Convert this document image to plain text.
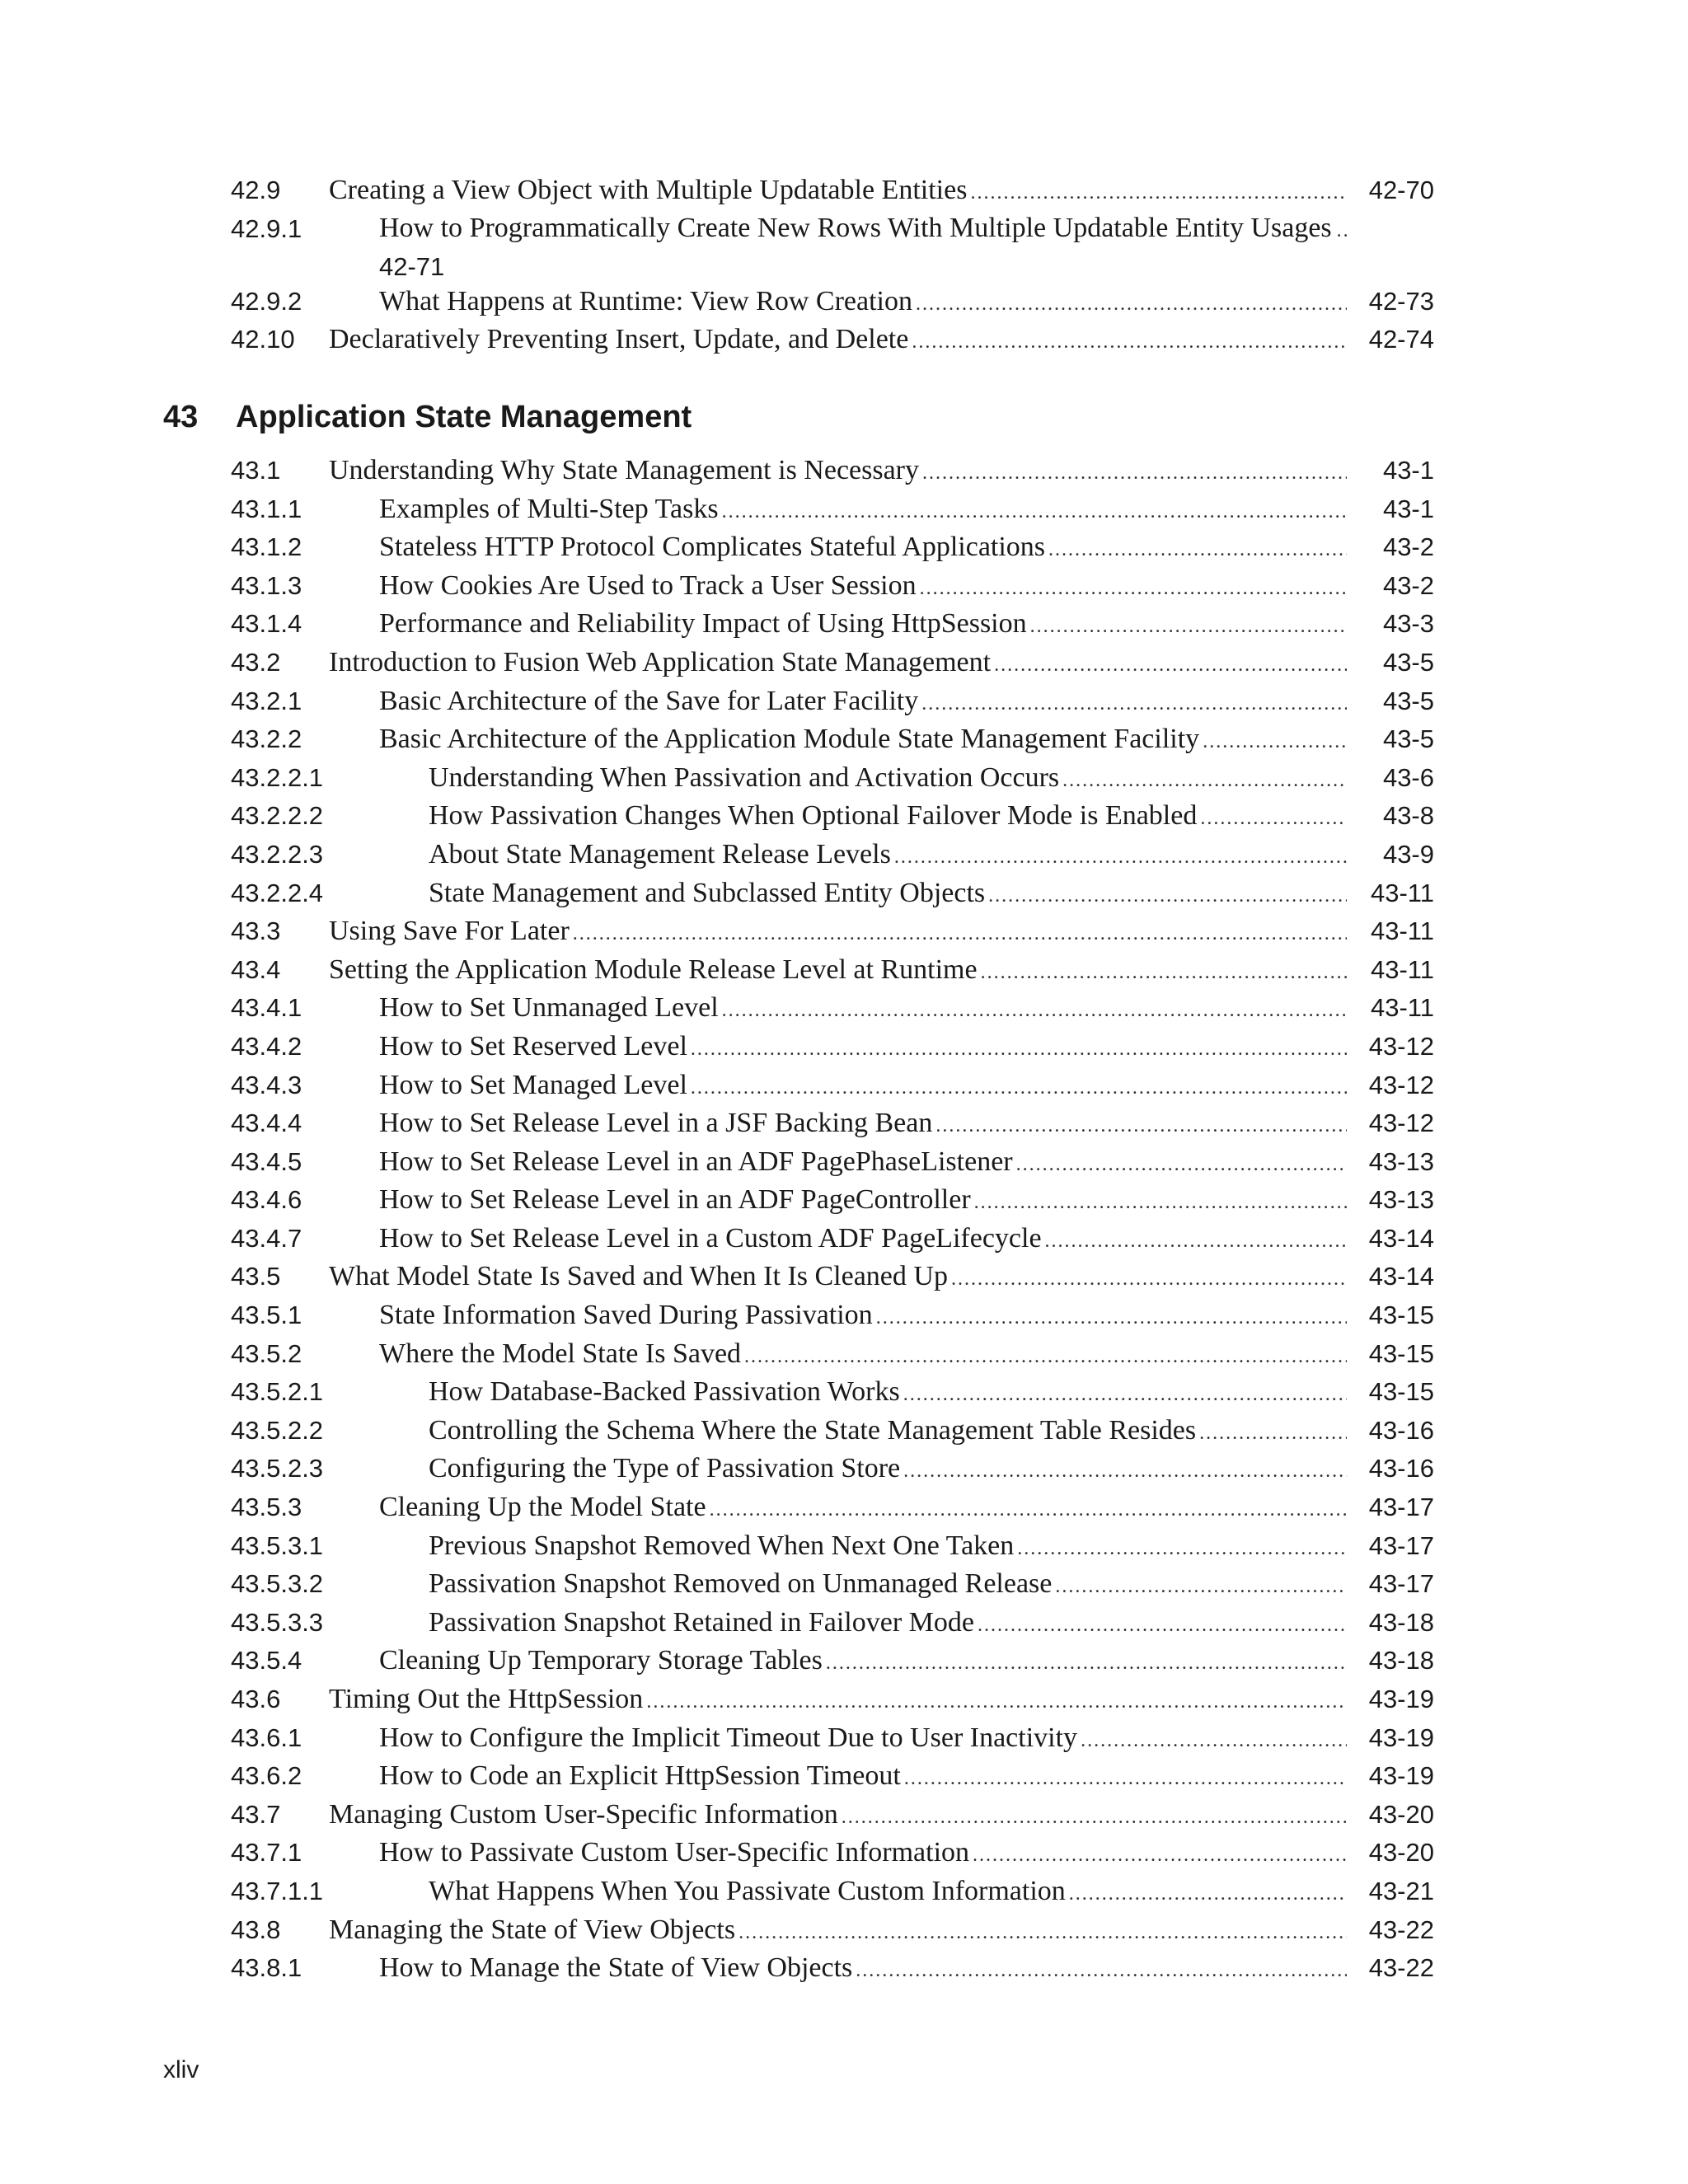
42.9 Creating a View Object with Multiple Updatable Entities .....	42-70
42.9.1	How to Programmatically Create New Rows With Multiple Updatable Entity Usages
..
42-71
42.9.2	What Happens at Runtime: View Row Creation .....	42-73
42.10 Declaratively Preventing Insert, Update, and Delete .....	42-74
43 Application State Management
43.1 Understanding Why State Management is Necessary .....	43-1
43.1.1	Examples of Multi-Step Tasks .....	43-1
43.1.2	Stateless HTTP Protocol Complicates Stateful Applications .....	43-2
43.1.3	How Cookies Are Used to Track a User Session .....	43-2
43.1.4	Performance and Reliability Impact of Using HttpSession .....	43-3
43.2 Introduction to Fusion Web Application State Management .....	43-5
43.2.1	Basic Architecture of the Save for Later Facility .....	43-5
43.2.2	Basic Architecture of the Application Module State Management Facility .....	43-5
43.2.2.1	Understanding When Passivation and Activation Occurs .....	43-6
43.2.2.2	How Passivation Changes When Optional Failover Mode is Enabled .....	43-8
43.2.2.3	About State Management Release Levels .....	43-9
43.2.2.4	State Management and Subclassed Entity Objects .....	43-11
43.3 Using Save For Later .....	43-11
43.4 Setting the Application Module Release Level at Runtime .....	43-11
43.4.1	How to Set Unmanaged Level .....	43-11
43.4.2	How to Set Reserved Level .....	43-12
43.4.3	How to Set Managed Level .....	43-12
43.4.4	How to Set Release Level in a JSF Backing Bean .....	43-12
43.4.5	How to Set Release Level in an ADF PagePhaseListener .....	43-13
43.4.6	How to Set Release Level in an ADF PageController .....	43-13
43.4.7	How to Set Release Level in a Custom ADF PageLifecycle .....	43-14
43.5 What Model State Is Saved and When It Is Cleaned Up .....	43-14
43.5.1	State Information Saved During Passivation .....	43-15
43.5.2	Where the Model State Is Saved .....	43-15
43.5.2.1	How Database-Backed Passivation Works .....	43-15
43.5.2.2	Controlling the Schema Where the State Management Table Resides .....	43-16
43.5.2.3	Configuring the Type of Passivation Store .....	43-16
43.5.3	Cleaning Up the Model State .....	43-17
43.5.3.1	Previous Snapshot Removed When Next One Taken .....	43-17
43.5.3.2	Passivation Snapshot Removed on Unmanaged Release .....	43-17
43.5.3.3	Passivation Snapshot Retained in Failover Mode .....	43-18
43.5.4	Cleaning Up Temporary Storage Tables .....	43-18
43.6 Timing Out the HttpSession .....	43-19
43.6.1	How to Configure the Implicit Timeout Due to User Inactivity .....	43-19
43.6.2	How to Code an Explicit HttpSession Timeout .....	43-19
43.7 Managing Custom User-Specific Information .....	43-20
43.7.1	How to Passivate Custom User-Specific Information .....	43-20
43.7.1.1	What Happens When You Passivate Custom Information .....	43-21
43.8 Managing the State of View Objects .....	43-22
43.8.1	How to Manage the State of View Objects .....	43-22
xliv
